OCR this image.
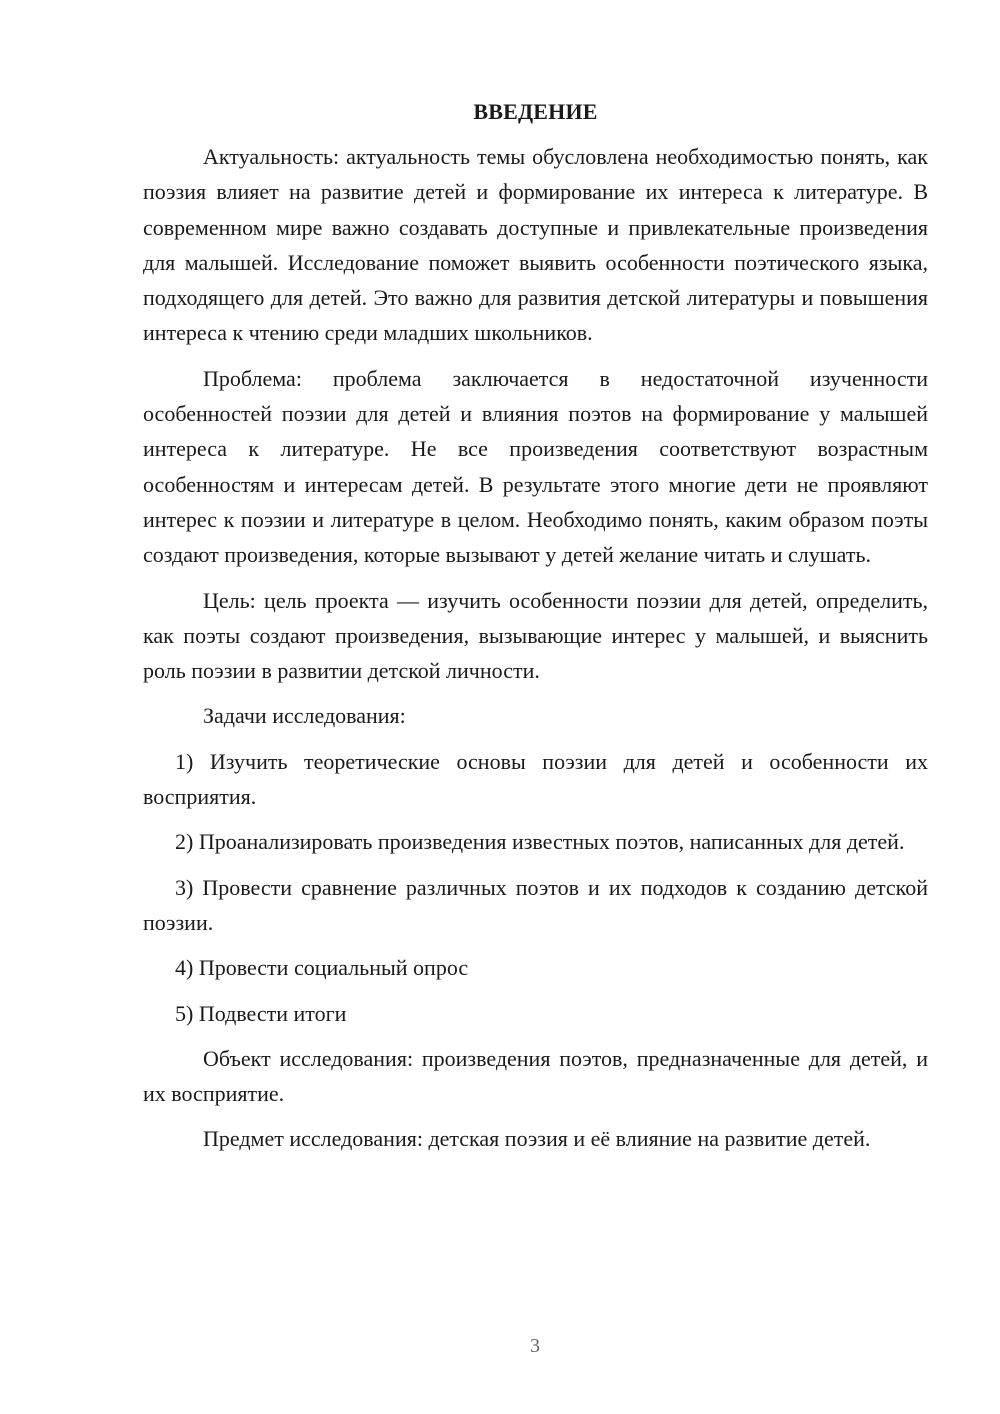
ВВЕДЕНИЕ

Актуальность: актуальность темы обусловлена необходимостью понять, как поэзия влияет на развитие детей и формирование их интереса к литературе. В современном мире важно создавать доступные и привлекательные произведения для малышей. Исследование поможет выявить особенности поэтического языка, подходящего для детей. Это важно для развития детской литературы и повышения интереса к чтению среди младших школьников.

Проблема: проблема заключается в недостаточной изученности особенностей поэзии для детей и влияния поэтов на формирование у малышей интереса к литературе. Не все произведения соответствуют возрастным особенностям и интересам детей. В результате этого многие дети не проявляют интерес к поэзии и литературе в целом. Необходимо понять, каким образом поэты создают произведения, которые вызывают у детей желание читать и слушать.

Цель: цель проекта — изучить особенности поэзии для детей, определить, как поэты создают произведения, вызывающие интерес у малышей, и выяснить роль поэзии в развитии детской личности.

Задачи исследования:

1) Изучить теоретические основы поэзии для детей и особенности их восприятия.

2) Проанализировать произведения известных поэтов, написанных для детей.

3) Провести сравнение различных поэтов и их подходов к созданию детской поэзии.

4) Провести социальный опрос

5) Подвести итоги

Объект исследования: произведения поэтов, предназначенные для детей, и их восприятие.

Предмет исследования: детская поэзия и её влияние на развитие детей.

3
